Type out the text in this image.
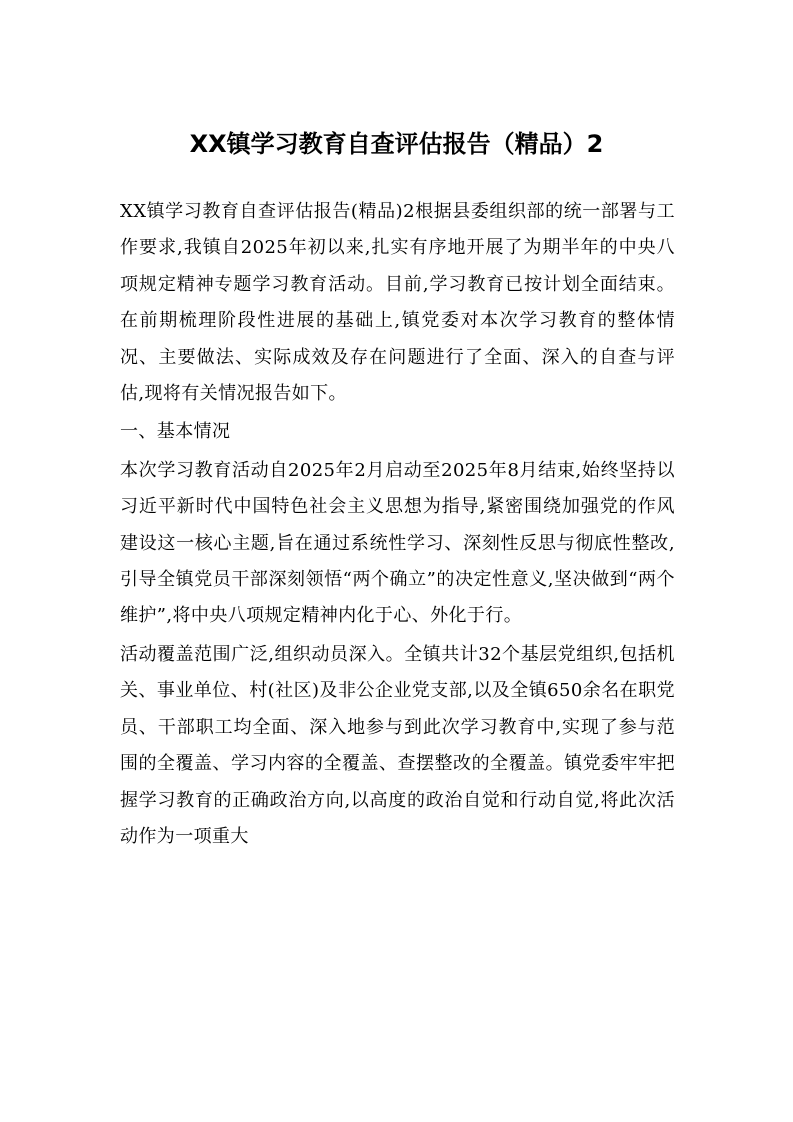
XX镇学习教育自查评估报告（精品）2

XX镇学习教育自查评估报告(精品)2根据县委组织部的统一部署与工作要求,我镇自2025年初以来,扎实有序地开展了为期半年的中央八项规定精神专题学习教育活动。目前,学习教育已按计划全面结束。在前期梳理阶段性进展的基础上,镇党委对本次学习教育的整体情况、主要做法、实际成效及存在问题进行了全面、深入的自查与评估,现将有关情况报告如下。

一、基本情况

本次学习教育活动自2025年2月启动至2025年8月结束,始终坚持以习近平新时代中国特色社会主义思想为指导,紧密围绕加强党的作风建设这一核心主题,旨在通过系统性学习、深刻性反思与彻底性整改,引导全镇党员干部深刻领悟“两个确立”的决定性意义,坚决做到“两个维护”,将中央八项规定精神内化于心、外化于行。

活动覆盖范围广泛,组织动员深入。全镇共计32个基层党组织,包括机关、事业单位、村(社区)及非公企业党支部,以及全镇650余名在职党员、干部职工均全面、深入地参与到此次学习教育中,实现了参与范围的全覆盖、学习内容的全覆盖、查摆整改的全覆盖。镇党委牢牢把握学习教育的正确政治方向,以高度的政治自觉和行动自觉,将此次活动作为一项重大
